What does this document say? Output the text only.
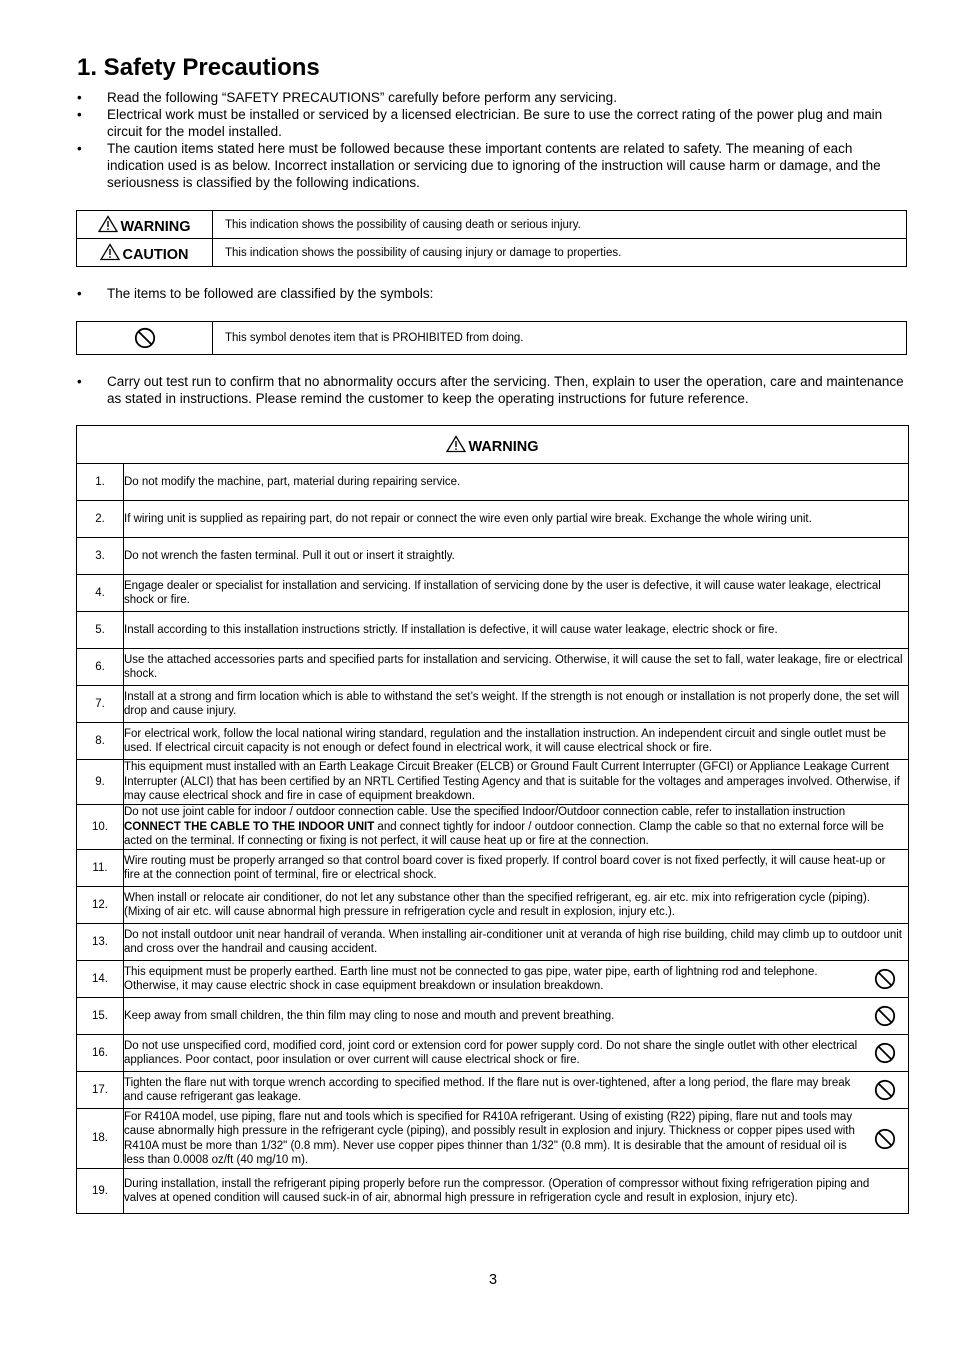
1. Safety Precautions
• Read the following “SAFETY PRECAUTIONS” carefully before perform any servicing.
• Electrical work must be installed or serviced by a licensed electrician. Be sure to use the correct rating of the power plug and main circuit for the model installed.
• The caution items stated here must be followed because these important contents are related to safety. The meaning of each indication used is as below. Incorrect installation or servicing due to ignoring of the instruction will cause harm or damage, and the seriousness is classified by the following indications.
WARNING	This indication shows the possibility of causing death or serious injury.
CAUTION	This indication shows the possibility of causing injury or damage to properties.
• The items to be followed are classified by the symbols:
	This symbol denotes item that is PROHIBITED from doing.
• Carry out test run to confirm that no abnormality occurs after the servicing. Then, explain to user the operation, care and maintenance as stated in instructions. Please remind the customer to keep the operating instructions for future reference.
WARNING		
1.	Do not modify the machine, part, material during repairing service.	
2.	If wiring unit is supplied as repairing part, do not repair or connect the wire even only partial wire break. Exchange the whole wiring unit.	
3.	Do not wrench the fasten terminal. Pull it out or insert it straightly.	
4.	Engage dealer or specialist for installation and servicing. If installation of servicing done by the user is defective, it will cause water leakage, electrical shock or fire.	
5.	Install according to this installation instructions strictly. If installation is defective, it will cause water leakage, electric shock or fire.	
6.	Use the attached accessories parts and specified parts for installation and servicing. Otherwise, it will cause the set to fall, water leakage, fire or electrical shock.	
7.	Install at a strong and firm location which is able to withstand the set’s weight. If the strength is not enough or installation is not properly done, the set will drop and cause injury.	
8.	For electrical work, follow the local national wiring standard, regulation and the installation instruction. An independent circuit and single outlet must be used. If electrical circuit capacity is not enough or defect found in electrical work, it will cause electrical shock or fire.	
9.	This equipment must installed with an Earth Leakage Circuit Breaker (ELCB) or Ground Fault Current Interrupter (GFCI) or Appliance Leakage Current Interrupter (ALCI) that has been certified by an NRTL Certified Testing Agency and that is suitable for the voltages and amperages involved. Otherwise, if may cause electrical shock and fire in case of equipment breakdown.	
10.	Do not use joint cable for indoor / outdoor connection cable. Use the specified Indoor/Outdoor connection cable, refer to installation instruction CONNECT THE CABLE TO THE INDOOR UNIT and connect tightly for indoor / outdoor connection. Clamp the cable so that no external force will be acted on the terminal. If connecting or fixing is not perfect, it will cause heat up or fire at the connection.	
11.	Wire routing must be properly arranged so that control board cover is fixed properly. If control board cover is not fixed perfectly, it will cause heat-up or fire at the connection point of terminal, fire or electrical shock.	
12.	When install or relocate air conditioner, do not let any substance other than the specified refrigerant, eg. air etc. mix into refrigeration cycle (piping). (Mixing of air etc. will cause abnormal high pressure in refrigeration cycle and result in explosion, injury etc.).	
13.	Do not install outdoor unit near handrail of veranda. When installing air-conditioner unit at veranda of high rise building, child may climb up to outdoor unit and cross over the handrail and causing accident.	
14.	This equipment must be properly earthed. Earth line must not be connected to gas pipe, water pipe, earth of lightning rod and telephone. Otherwise, it may cause electric shock in case equipment breakdown or insulation breakdown.	
15.	Keep away from small children, the thin film may cling to nose and mouth and prevent breathing.	
16.	Do not use unspecified cord, modified cord, joint cord or extension cord for power supply cord. Do not share the single outlet with other electrical appliances. Poor contact, poor insulation or over current will cause electrical shock or fire.	
17.	Tighten the flare nut with torque wrench according to specified method. If the flare nut is over-tightened, after a long period, the flare may break and cause refrigerant gas leakage.	
18.	For R410A model, use piping, flare nut and tools which is specified for R410A refrigerant. Using of existing (R22) piping, flare nut and tools may cause abnormally high pressure in the refrigerant cycle (piping), and possibly result in explosion and injury. Thickness or copper pipes used with R410A must be more than 1/32" (0.8 mm). Never use copper pipes thinner than 1/32" (0.8 mm). It is desirable that the amount of residual oil is less than 0.0008 oz/ft (40 mg/10 m).	
19.	During installation, install the refrigerant piping properly before run the compressor. (Operation of compressor without fixing refrigeration piping and valves at opened condition will caused suck-in of air, abnormal high pressure in refrigeration cycle and result in explosion, injury etc).	
3
